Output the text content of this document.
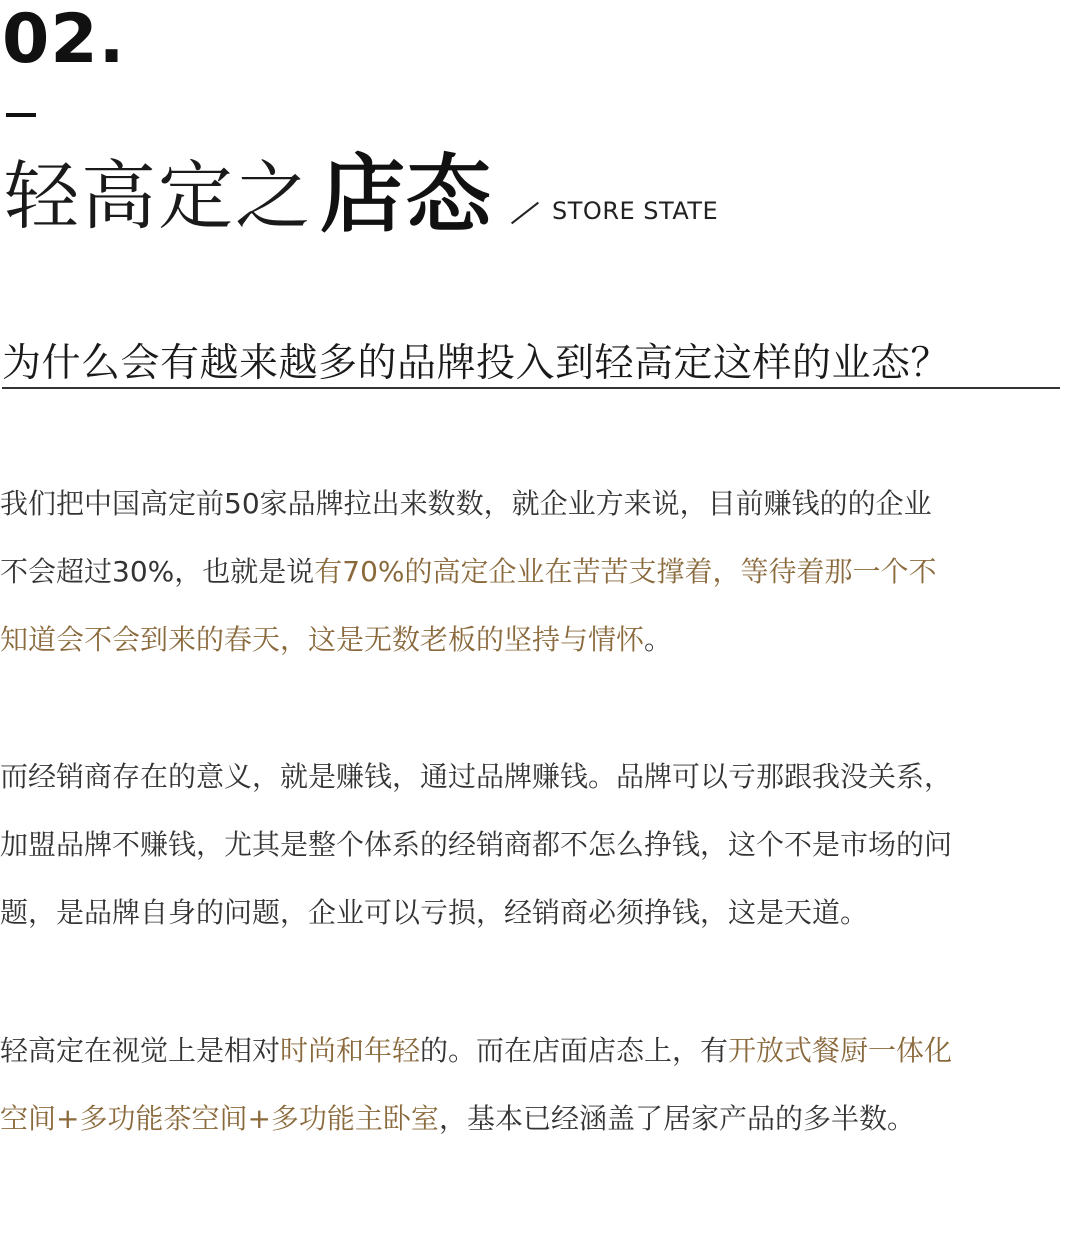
02.
轻高定之 店态	STORE STATE
为什么会有越来越多的品牌投入到轻高定这样的业态？
我们把中国高定前50家品牌拉出来数数，就企业方来说，目前赚钱的的企业
不会超过30%，也就是说有70%的高定企业在苦苦支撑着，等待着那一个不
知道会不会到来的春天，这是无数老板的坚持与情怀。
而经销商存在的意义，就是赚钱，通过品牌赚钱。品牌可以亏那跟我没关系，
加盟品牌不赚钱，尤其是整个体系的经销商都不怎么挣钱，这个不是市场的问
题，是品牌自身的问题，企业可以亏损，经销商必须挣钱，这是天道。
轻高定在视觉上是相对时尚和年轻的。而在店面店态上，有开放式餐厨一体化
空间+多功能茶空间+多功能主卧室，基本已经涵盖了居家产品的多半数。
